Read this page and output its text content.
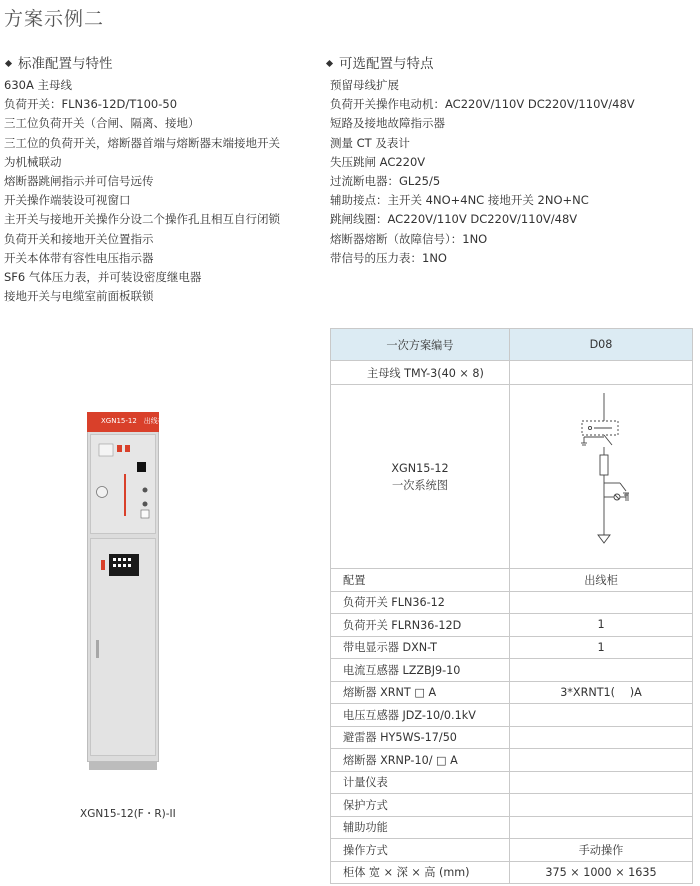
方案示例二
标准配置与特性
630A 主母线
负荷开关：FLN36-12D/T100-50
三工位负荷开关（合闸、隔离、接地）
三工位的负荷开关，熔断器首端与熔断器末端接地开关
为机械联动
熔断器跳闸指示并可信号远传
开关操作端装设可视窗口
主开关与接地开关操作分设二个操作孔且相互自行闭锁
负荷开关和接地开关位置指示
开关本体带有容性电压指示器
SF6 气体压力表，并可装设密度继电器
接地开关与电缆室前面板联锁
可选配置与特点
预留母线扩展
负荷开关操作电动机：AC220V/110V DC220V/110V/48V
短路及接地故障指示器
测量 CT 及表计
失压跳闸 AC220V
过流断电器：GL25/5
辅助接点：主开关 4NO+4NC 接地开关 2NO+NC
跳闸线圈：AC220V/110V DC220V/110V/48V
熔断器熔断（故障信号）：1NO
带信号的压力表：1NO
XGN15-12　出线柜
XGN15-12(F・R)-II
一次方案编号	D08
主母线 TMY-3(40 × 8)	

XGN15-12
一次系统图

配置	出线柜
负荷开关 FLN36-12	
负荷开关 FLRN36-12D	1
带电显示器 DXN-T	1
电流互感器 LZZBJ9-10	
熔断器 XRNT □ A	3*XRNT1(　 )A
电压互感器 JDZ-10/0.1kV	
避雷器 HY5WS-17/50	
熔断器 XRNP-10/ □ A	
计量仪表	
保护方式	
辅助功能	
操作方式	手动操作
柜体 宽 × 深 × 高 (mm)	375 × 1000 × 1635
